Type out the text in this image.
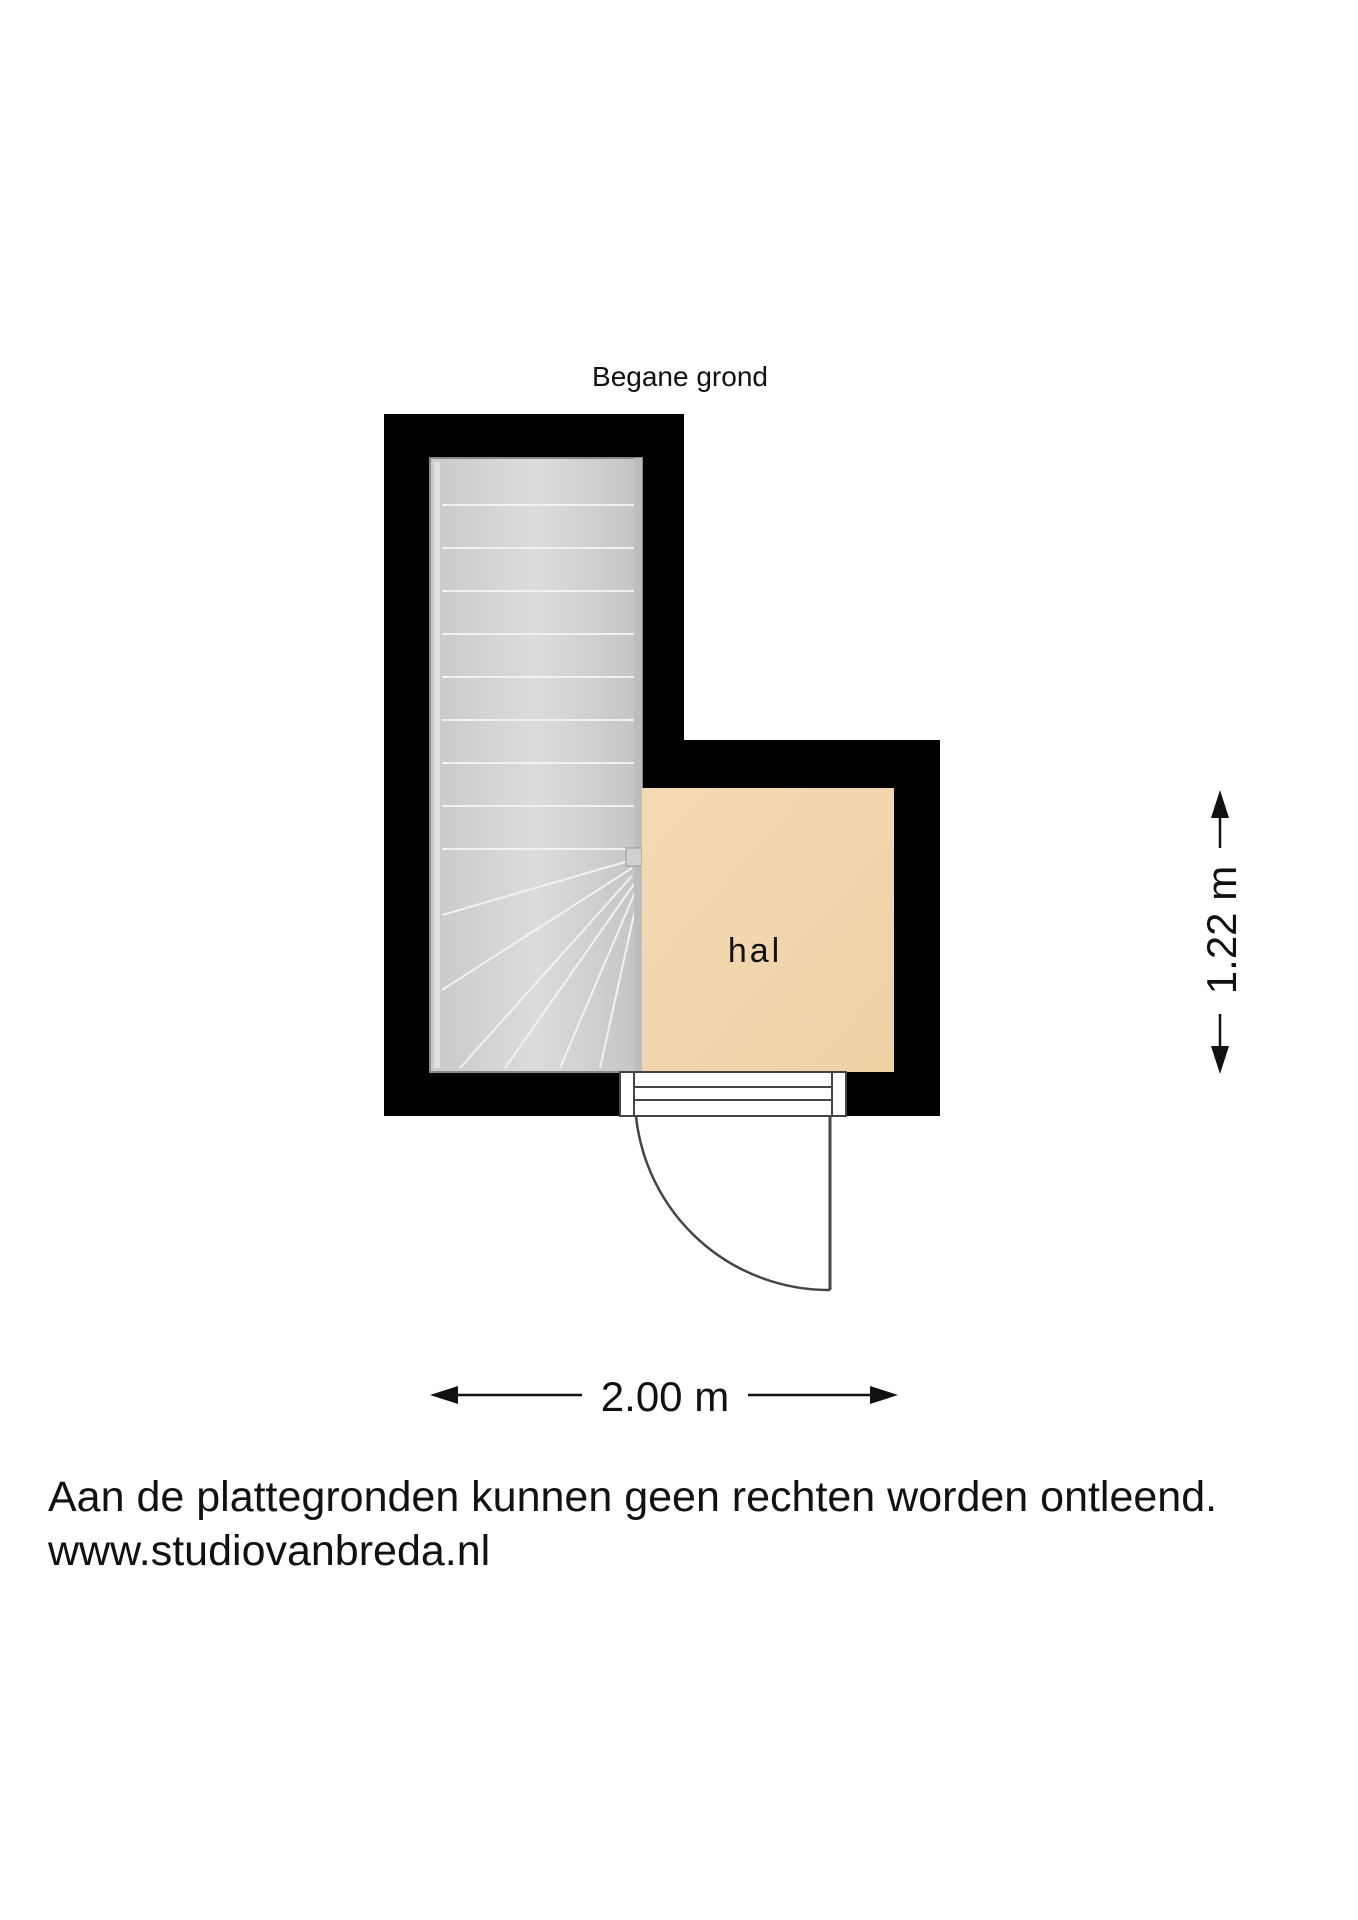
Begane grond
hal
2.00 m
1.22 m
Aan de plattegronden kunnen geen rechten worden ontleend.
www.studiovanbreda.nl
